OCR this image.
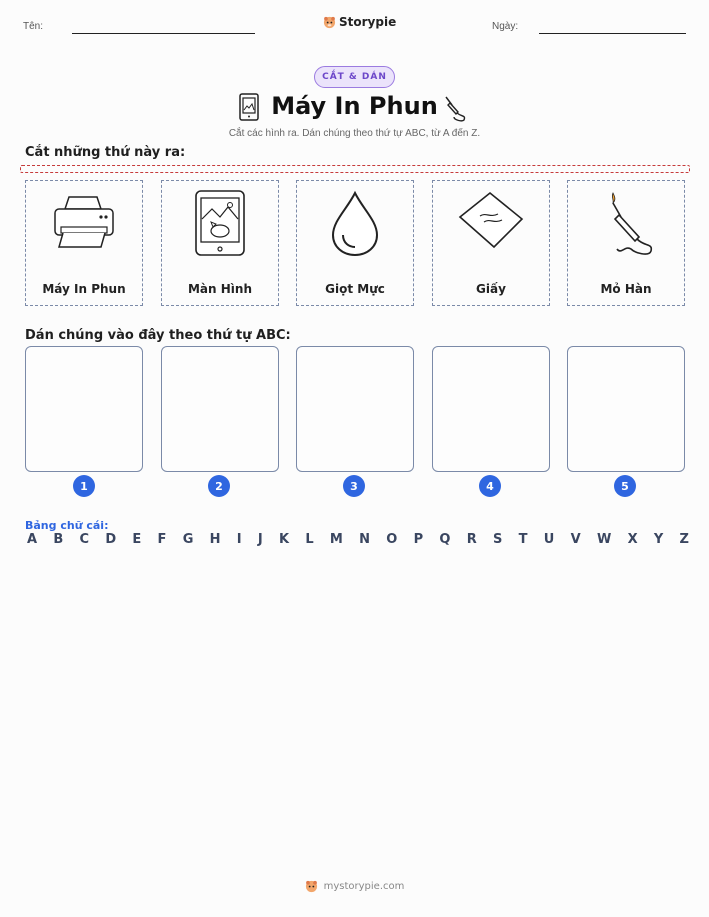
Tên:	Storypie	Ngày:
CẮT & DÁN
Máy In Phun
Cắt các hình ra. Dán chúng theo thứ tự ABC, từ A đến Z.
Cắt những thứ này ra:
Máy In Phun	Màn Hình	Giọt Mực	Giấy	Mỏ Hàn
Dán chúng vào đây theo thứ tự ABC:
1	2	3	4	5
Bảng chữ cái:
A B C D E F G H I J K L M N O P Q R S T U V W X Y Z
mystorypie.com
